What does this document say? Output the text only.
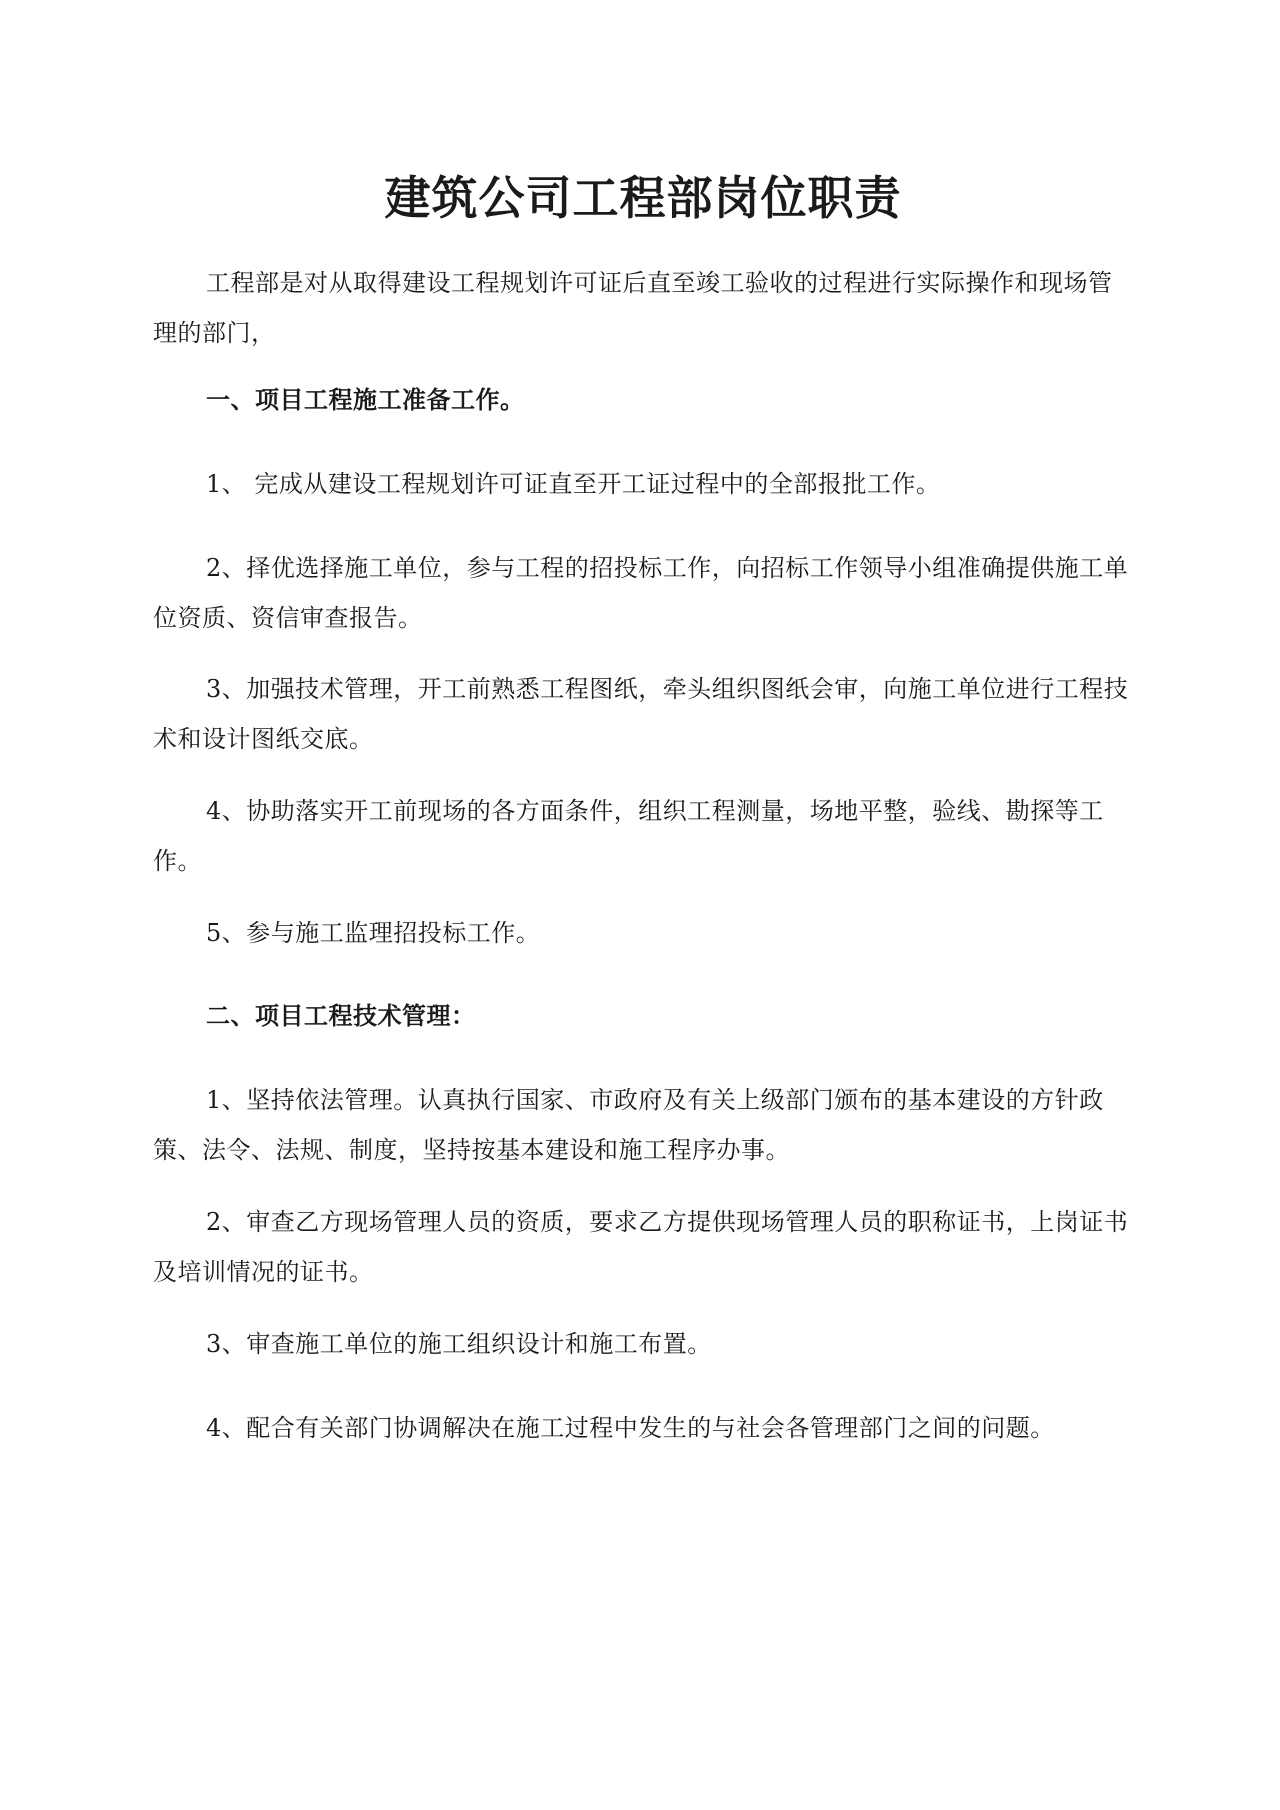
建筑公司工程部岗位职责

工程部是对从取得建设工程规划许可证后直至竣工验收的过程进行实际操作和现场管理的部门，

一、项目工程施工准备工作。

1、 完成从建设工程规划许可证直至开工证过程中的全部报批工作。

2、择优选择施工单位，参与工程的招投标工作，向招标工作领导小组准确提供施工单位资质、资信审查报告。

3、加强技术管理，开工前熟悉工程图纸，牵头组织图纸会审，向施工单位进行工程技术和设计图纸交底。

4、协助落实开工前现场的各方面条件，组织工程测量，场地平整，验线、勘探等工作。

5、参与施工监理招投标工作。

二、项目工程技术管理：

1、坚持依法管理。认真执行国家、市政府及有关上级部门颁布的基本建设的方针政策、法令、法规、制度，坚持按基本建设和施工程序办事。

2、审查乙方现场管理人员的资质，要求乙方提供现场管理人员的职称证书，上岗证书及培训情况的证书。

3、审查施工单位的施工组织设计和施工布置。

4、配合有关部门协调解决在施工过程中发生的与社会各管理部门之间的问题。
